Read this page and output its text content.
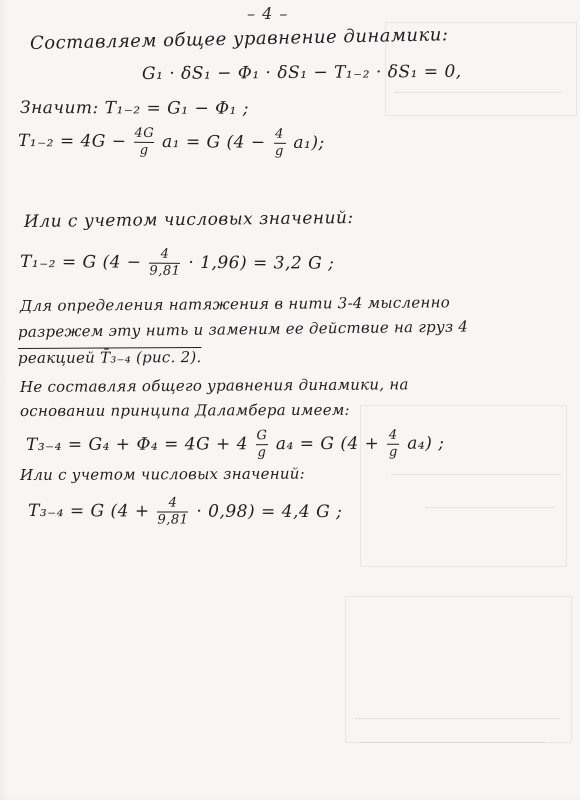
– 4 –
Составляем общее уравнение динамики:
G₁ · δS₁ − Φ₁ · δS₁ − T₁₋₂ · δS₁ = 0,
Значит: T₁₋₂ = G₁ − Φ₁ ;
$T_{1-2} = 4G - \frac{4G}{g} a_1 = G$ $(4 - \frac{4}{g} a_1)$;
Или с учетом числовых значений:
T₁₋₂ = G $(4 - \frac{4}{9,81} \cdot 1,96) = 3,2$ G ;
Для определения натяжения в нити 3-4 мысленно
разрежем эту нить и заменим ее действие на груз 4
реакцией T̄₃₋₄ (рис. 2).
Не составляя общего уравнения динамики, на
основании принципа Даламбера имеем:
$T_{3-4} = G_4 + \Phi_4 = 4G + 4 \frac{G}{g} a_4 = G$ $(4 + \frac{4}{g} a_4)$ ;
Или с учетом числовых значений:
T₃₋₄ = G $(4 + \frac{4}{9,81} \cdot 0,98) = 4,4$ G ;
